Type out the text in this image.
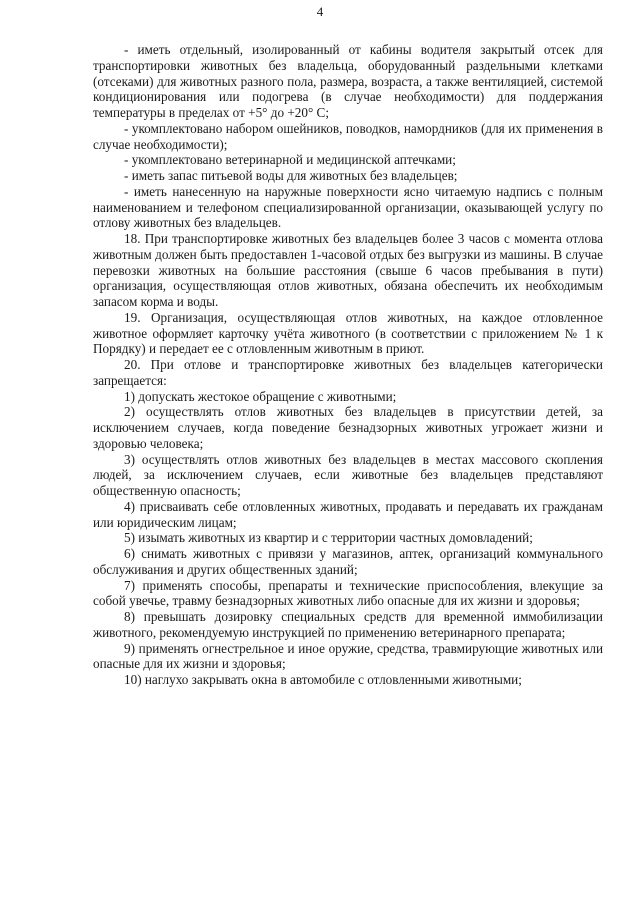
4

- иметь отдельный, изолированный от кабины водителя закрытый отсек для транспортировки животных без владельца, оборудованный раздельными клетками (отсеками) для животных разного пола, размера, возраста, а также вентиляцией, системой кондиционирования или подогрева (в случае необходимости) для поддержания температуры в пределах от +5° до +20° С;

- укомплектовано набором ошейников, поводков, намордников (для их применения в случае необходимости);

- укомплектовано ветеринарной и медицинской аптечками;

- иметь запас питьевой воды для животных без владельцев;

- иметь нанесенную на наружные поверхности ясно читаемую надпись с полным наименованием и телефоном специализированной организации, оказывающей услугу по отлову животных без владельцев.

18. При транспортировке животных без владельцев более 3 часов с момента отлова животным должен быть предоставлен 1-часовой отдых без выгрузки из машины. В случае перевозки животных на большие расстояния (свыше 6 часов пребывания в пути) организация, осуществляющая отлов животных, обязана обеспечить их необходимым запасом корма и воды.

19. Организация, осуществляющая отлов животных, на каждое отловленное животное оформляет карточку учёта животного (в соответствии с приложением № 1 к Порядку) и передает ее с отловленным животным в приют.

20. При отлове и транспортировке животных без владельцев категорически запрещается:

1) допускать жестокое обращение с животными;

2) осуществлять отлов животных без владельцев в присутствии детей, за исключением случаев, когда поведение безнадзорных животных угрожает жизни и здоровью человека;

3) осуществлять отлов животных без владельцев в местах массового скопления людей, за исключением случаев, если животные без владельцев представляют общественную опасность;

4) присваивать себе отловленных животных, продавать и передавать их гражданам или юридическим лицам;

5) изымать животных из квартир и с территории частных домовладений;

6) снимать животных с привязи у магазинов, аптек, организаций коммунального обслуживания и других общественных зданий;

7) применять способы, препараты и технические приспособления, влекущие за собой увечье, травму безнадзорных животных либо опасные для их жизни и здоровья;

8) превышать дозировку специальных средств для временной иммобилизации животного, рекомендуемую инструкцией по применению ветеринарного препарата;

9) применять огнестрельное и иное оружие, средства, травмирующие животных или опасные для их жизни и здоровья;

10) наглухо закрывать окна в автомобиле с отловленными животными;
